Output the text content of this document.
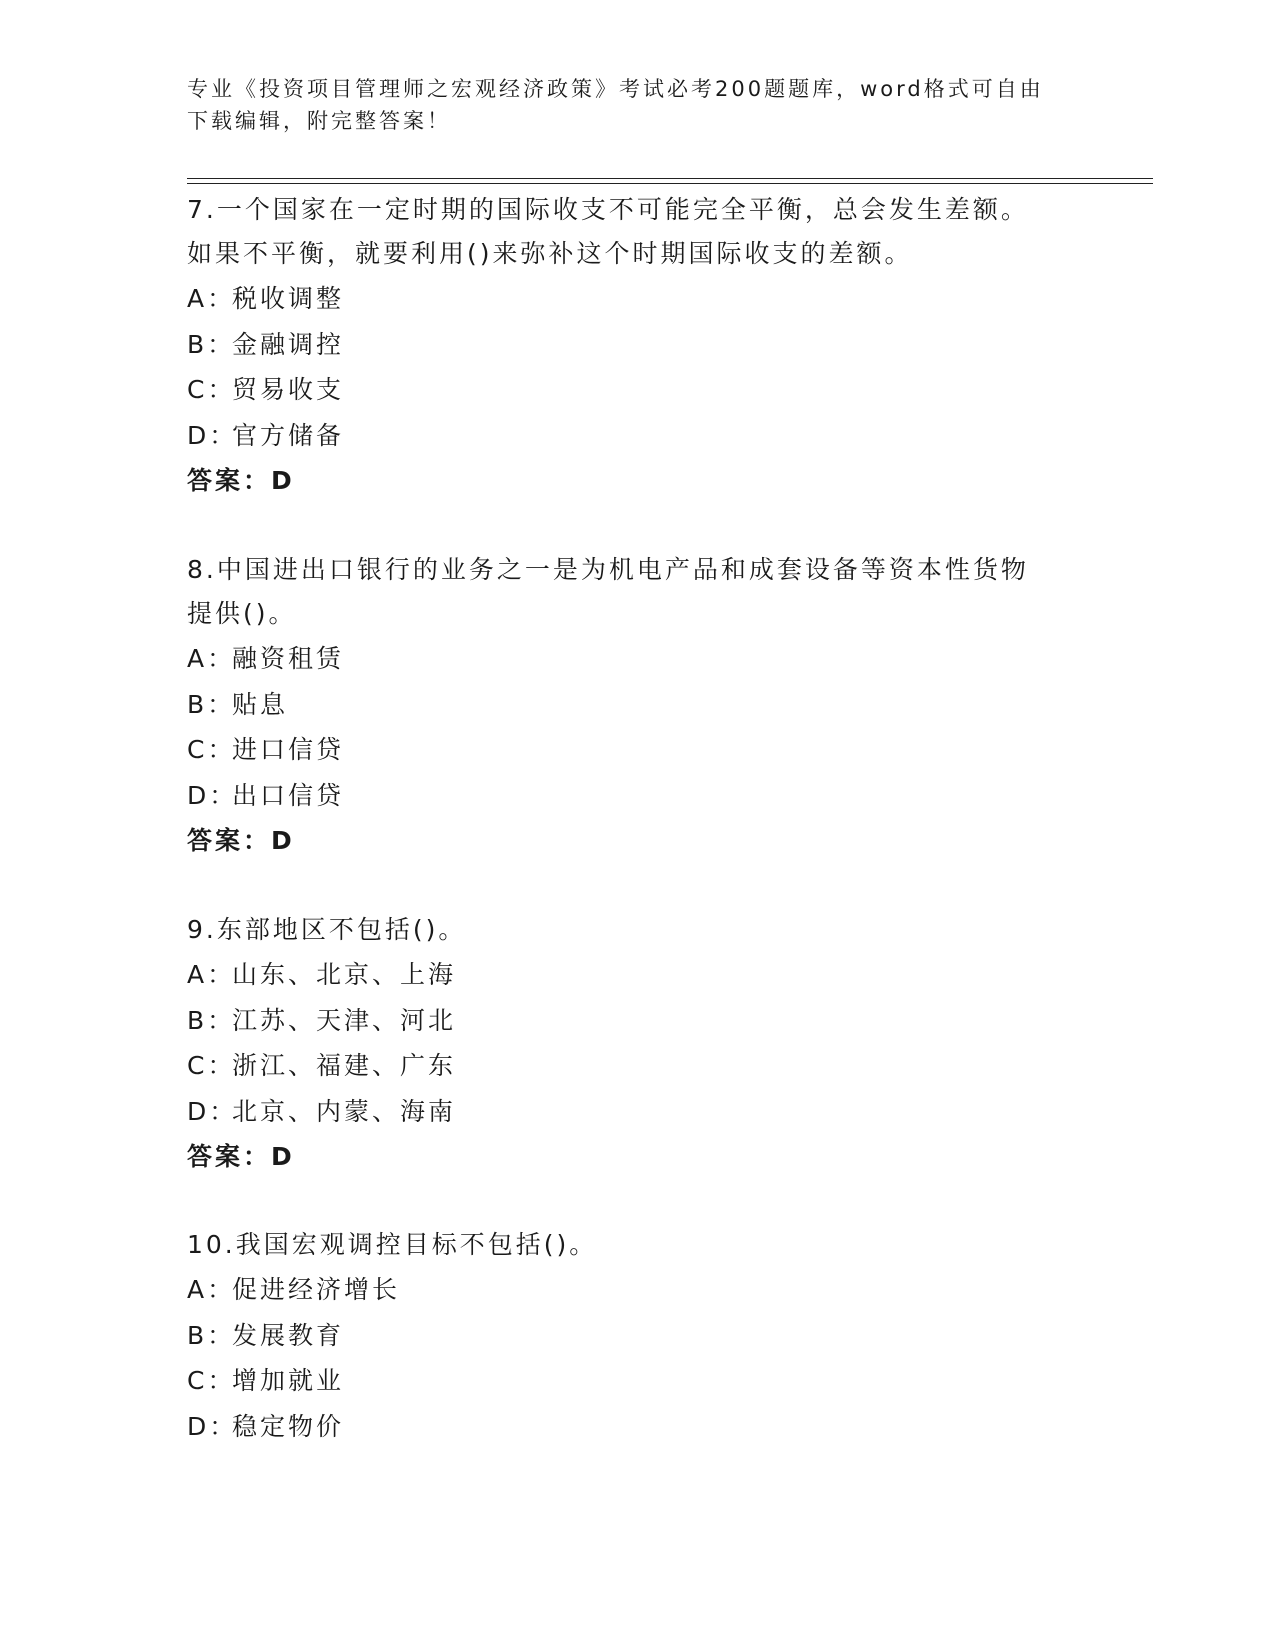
专业《投资项目管理师之宏观经济政策》考试必考200题题库，word格式可自由
下载编辑，附完整答案！
7.一个国家在一定时期的国际收支不可能完全平衡，总会发生差额。
如果不平衡，就要利用()来弥补这个时期国际收支的差额。
A：税收调整
B：金融调控
C：贸易收支
D：官方储备
答案：D
8.中国进出口银行的业务之一是为机电产品和成套设备等资本性货物
提供()。
A：融资租赁
B：贴息
C：进口信贷
D：出口信贷
答案：D
9.东部地区不包括()。
A：山东、北京、上海
B：江苏、天津、河北
C：浙江、福建、广东
D：北京、内蒙、海南
答案：D
10.我国宏观调控目标不包括()。
A：促进经济增长
B：发展教育
C：增加就业
D：稳定物价
